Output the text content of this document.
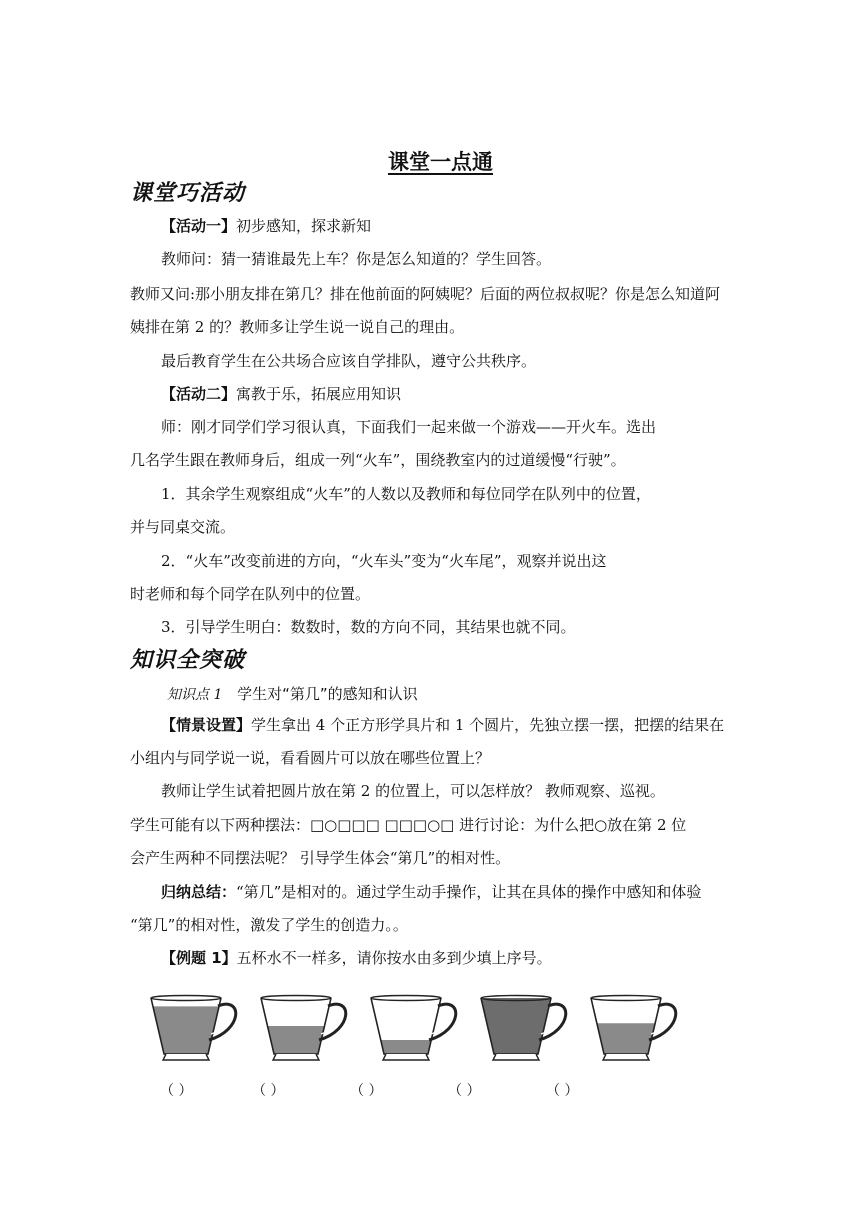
课堂一点通
课堂巧活动
【活动一】初步感知，探求新知
教师问：猜一猜谁最先上车？你是怎么知道的？学生回答。
教师又问:那小朋友排在第几？排在他前面的阿姨呢？后面的两位叔叔呢？你是怎么知道阿
姨排在第 2 的？教师多让学生说一说自己的理由。
最后教育学生在公共场合应该自学排队，遵守公共秩序。
【活动二】寓教于乐，拓展应用知识
师：刚才同学们学习很认真，下面我们一起来做一个游戏——开火车。选出
几名学生跟在教师身后，组成一列“火车”，围绕教室内的过道缓慢“行驶”。
1．其余学生观察组成“火车”的人数以及教师和每位同学在队列中的位置，
并与同桌交流。
2．“火车”改变前进的方向，“火车头”变为“火车尾”，观察并说出这
时老师和每个同学在队列中的位置。
3．引导学生明白：数数时，数的方向不同，其结果也就不同。
知识全突破
知识点 1 学生对“第几”的感知和认识
【情景设置】学生拿出 4 个正方形学具片和 1 个圆片，先独立摆一摆，把摆的结果在
小组内与同学说一说，看看圆片可以放在哪些位置上？
教师让学生试着把圆片放在第 2 的位置上，可以怎样放？ 教师观察、巡视。
学生可能有以下两种摆法：□○□□□ □□□○□ 进行讨论：为什么把○放在第 2 位
会产生两种不同摆法呢？ 引导学生体会“第几”的相对性。
归纳总结：“第几”是相对的。通过学生动手操作，让其在具体的操作中感知和体验
“第几”的相对性，激发了学生的创造力。。
【例题 1】五杯水不一样多，请你按水由多到少填上序号。
（ ）	（ ）	（ ）	（ ）	（ ）
